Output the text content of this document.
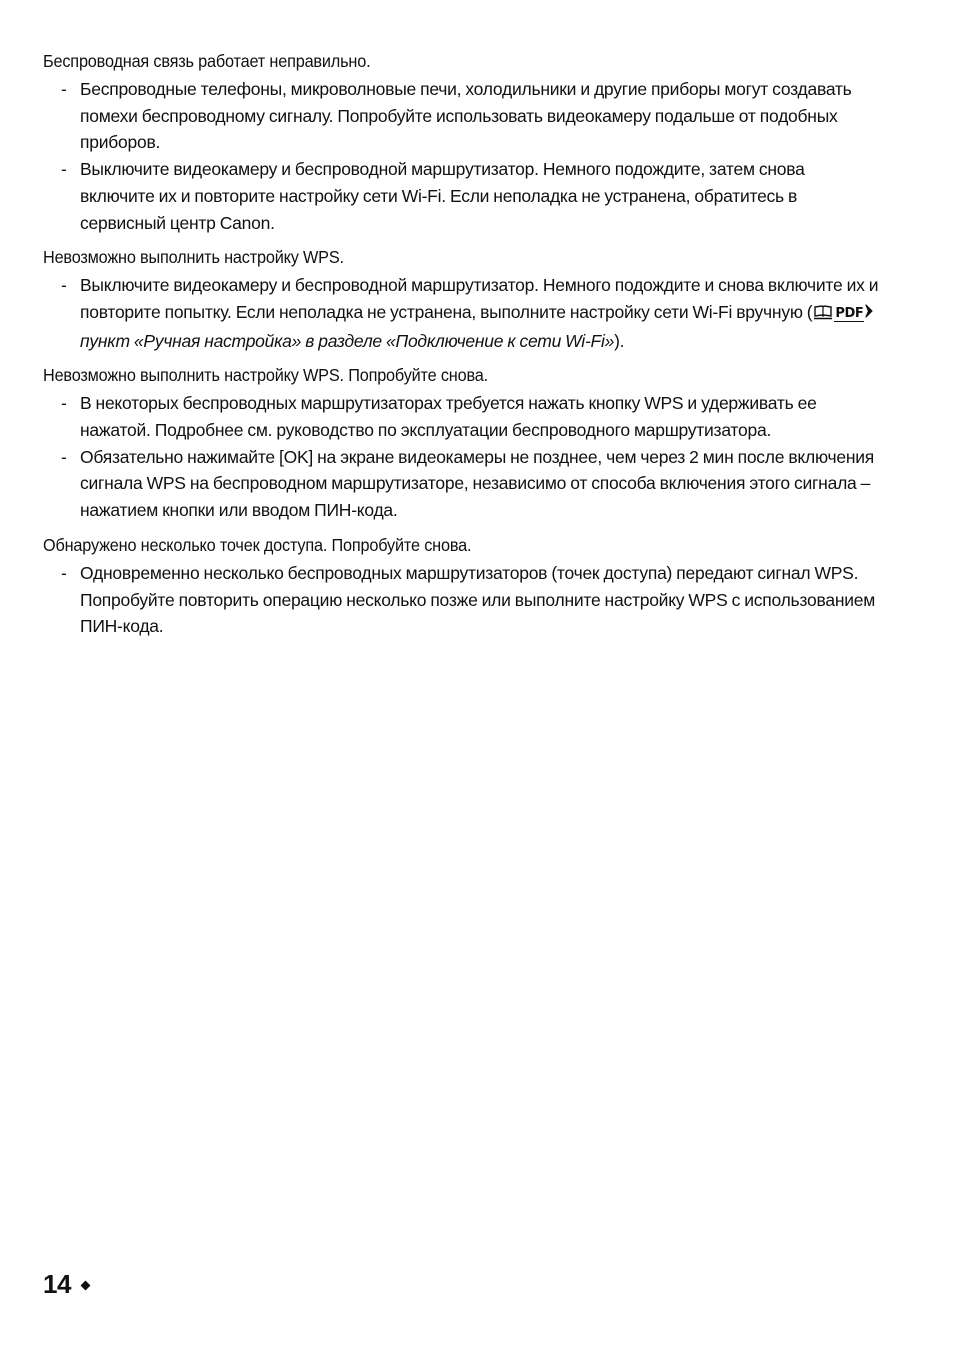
Беспроводная связь работает неправильно.
- Беспроводные телефоны, микроволновые печи, холодильники и другие приборы могут создавать помехи беспроводному сигналу. Попробуйте использовать видеокамеру подальше от подобных приборов.
- Выключите видеокамеру и беспроводной маршрутизатор. Немного подождите, затем снова включите их и повторите настройку сети Wi-Fi. Если неполадка не устранена, обратитесь в сервисный центр Canon.
Невозможно выполнить настройку WPS.
- Выключите видеокамеру и беспроводной маршрутизатор. Немного подождите и снова включите их и повторите попытку. Если неполадка не устранена, выполните настройку сети Wi-Fi вручную ( PDF пункт «Ручная настройка» в разделе «Подключение к сети Wi-Fi»).
Невозможно выполнить настройку WPS. Попробуйте снова.
- В некоторых беспроводных маршрутизаторах требуется нажать кнопку WPS и удерживать ее нажатой. Подробнее см. руководство по эксплуатации беспроводного маршрутизатора.
- Обязательно нажимайте [OK] на экране видеокамеры не позднее, чем через 2 мин после включения сигнала WPS на беспроводном маршрутизаторе, независимо от способа включения этого сигнала – нажатием кнопки или вводом ПИН-кода.
Обнаружено несколько точек доступа. Попробуйте снова.
- Одновременно несколько беспроводных маршрутизаторов (точек доступа) передают сигнал WPS. Попробуйте повторить операцию несколько позже или выполните настройку WPS с использованием ПИН-кода.
14
